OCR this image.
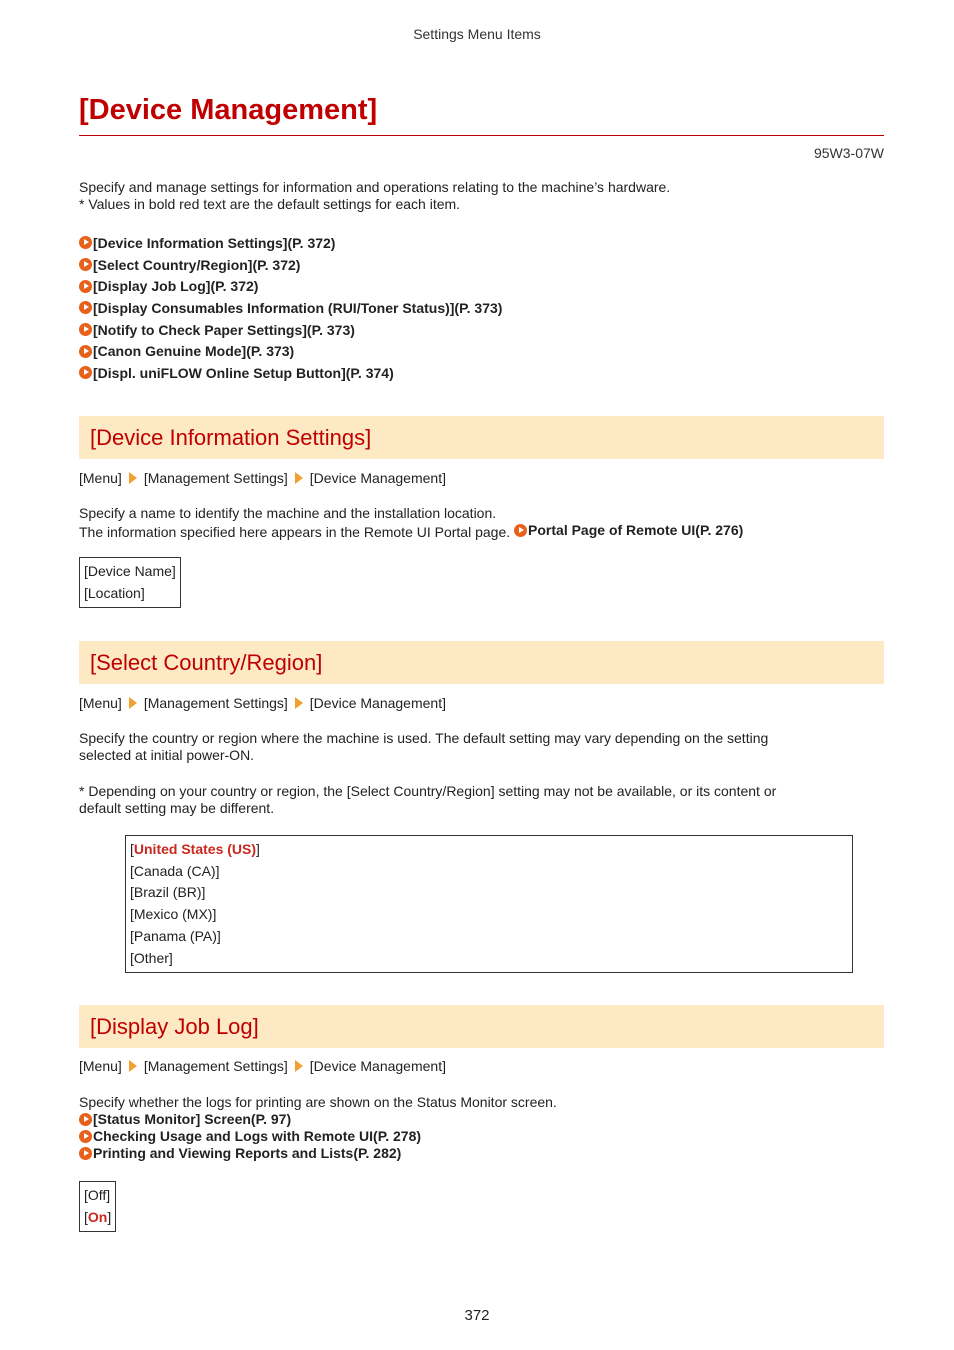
Settings Menu Items
[Device Management]
95W3-07W

Specify and manage settings for information and operations relating to the machine’s hardware.

* Values in bold red text are the default settings for each item.

[Device Information Settings](P. 372)
[Select Country/Region](P. 372)
[Display Job Log](P. 372)
[Display Consumables Information (RUI/Toner Status)](P. 373)
[Notify to Check Paper Settings](P. 373)
[Canon Genuine Mode](P. 373)
[Displ. uniFLOW Online Setup Button](P. 374)
[Device Information Settings]
[Menu] [Management Settings] [Device Management]

Specify a name to identify the machine and the installation location.

The information specified here appears in the Remote UI Portal page. Portal Page of Remote UI(P. 276)

[Device Name]
[Location]
[Select Country/Region]
[Menu] [Management Settings] [Device Management]

Specify the country or region where the machine is used. The default setting may vary depending on the setting

selected at initial power-ON.

* Depending on your country or region, the [Select Country/Region] setting may not be available, or its content or

default setting may be different.

[United States (US)]
[Canada (CA)]
[Brazil (BR)]
[Mexico (MX)]
[Panama (PA)]
[Other]
[Display Job Log]
[Menu] [Management Settings] [Device Management]

Specify whether the logs for printing are shown on the Status Monitor screen.

[Status Monitor] Screen(P. 97)
Checking Usage and Logs with Remote UI(P. 278)
Printing and Viewing Reports and Lists(P. 282)
[Off]
[On]
372
